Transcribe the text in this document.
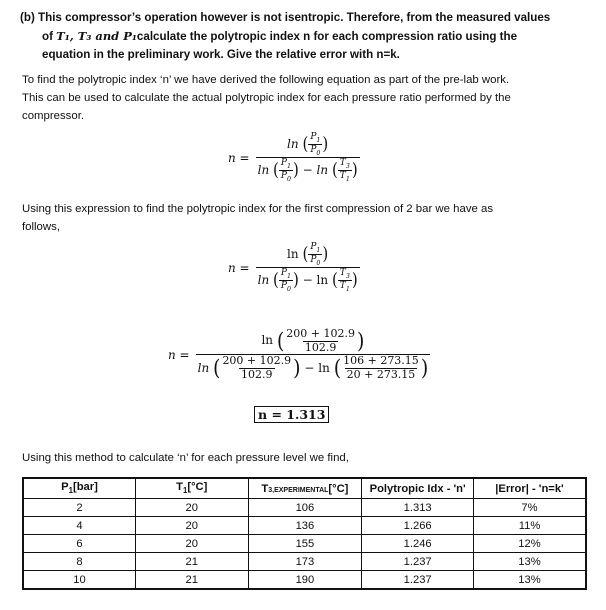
(b) This compressor’s operation however is not isentropic. Therefore, from the measured values
of T₁, T₃ and P₁calculate the polytropic index n for each compression ratio using the
equation in the preliminary work. Give the relative error with n=k.
To find the polytropic index ‘n’ we have derived the following equation as part of the pre-lab work.
This can be used to calculate the actual polytropic index for each pressure ratio performed by the
compressor.
n = ln
( $\frac{P_1}{P_0}$ )
ln
( $\frac{P_1}{P_0}$ )
−
ln
( $\frac{T_3}{T_1}$ )
Using this expression to find the polytropic index for the first compression of 2 bar we have as
follows,
n = ln
( $\frac{P_1}{P_0}$ )
ln
( $\frac{P_1}{P_0}$ )
−
ln
( $\frac{T_3}{T_1}$ )
n =
ln
( $\frac{200 + 102.9}{102.9}$ )
ln
( $\frac{200 + 102.9}{102.9}$ )
−
ln
( $\frac{106 + 273.15}{20 + 273.15}$ )
n = 1.313
Using this method to calculate ‘n’ for each pressure level we find,
$P_1[bar]$	$T_1[^\circ C]$	T3,EXPERIMENTAL[°C]	Polytropic Idx - 'n'	|Error| - 'n=k'
2	20	106	1.313	7%
4	20	136	1.266	11%
6	20	155	1.246	12%
8	21	173	1.237	13%
10	21	190	1.237	13%
